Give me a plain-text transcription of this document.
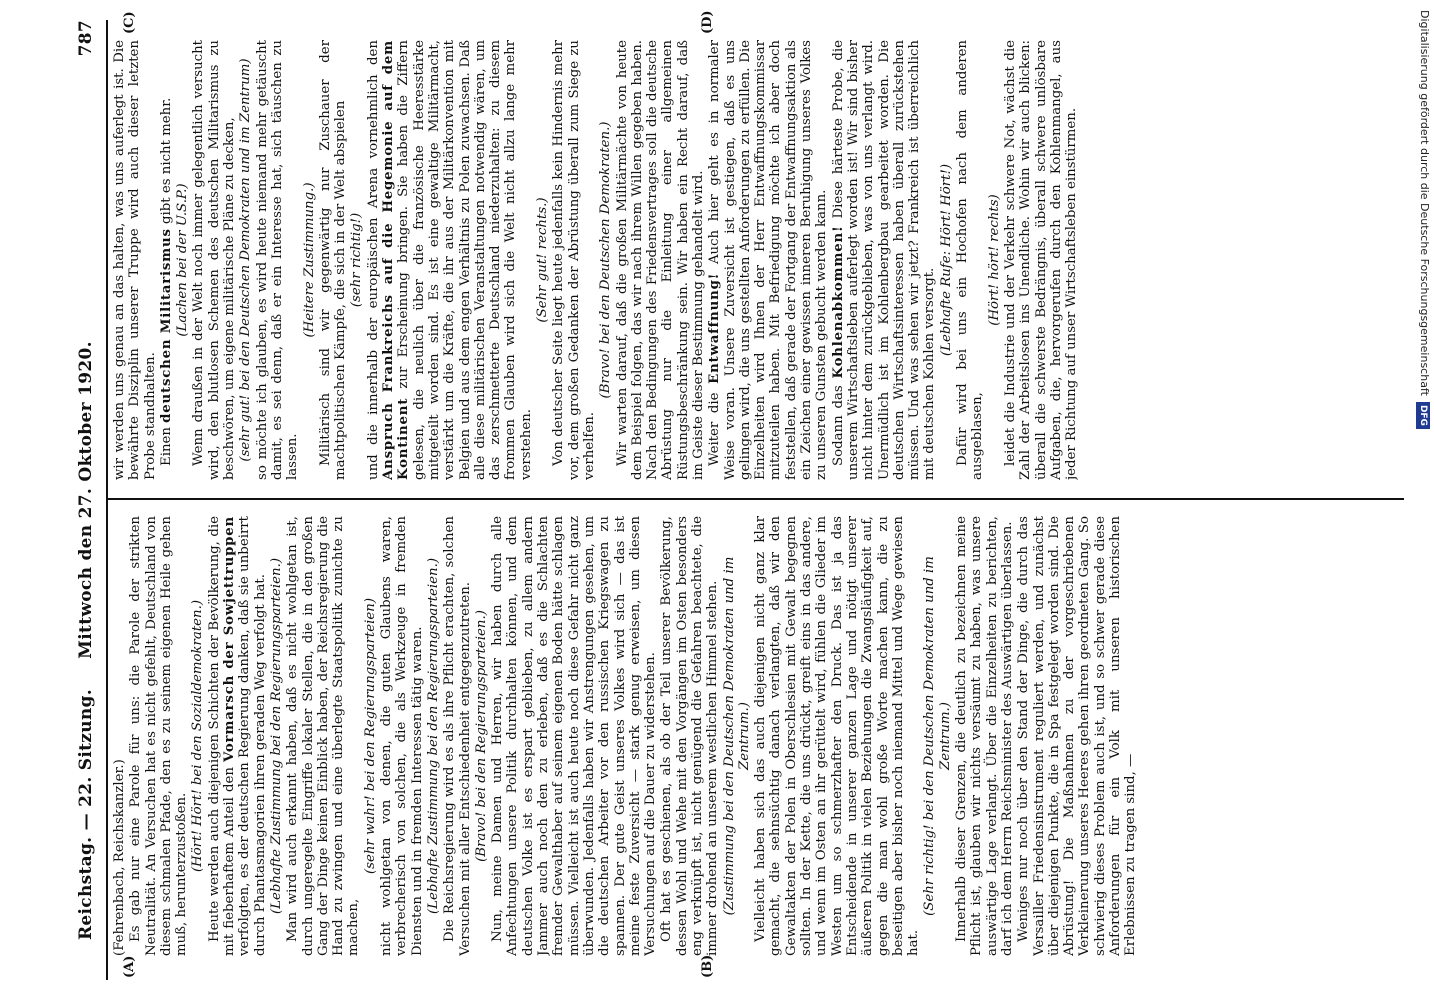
Reichstag. — 22. Sitzung.
Mittwoch den 27. Oktober 1920.
787
(A)	(B)
(C)	(D)

(Fehrenbach, Reichskanzler.) Es gab nur eine Parole für uns: die Parole der strikten Neutralität. An Versuchen hat es nicht gefehlt, Deutschland von diesem schmalen Pfade, den es zu seinem eigenen Heile gehen muß, herunterzustoßen.

(Hört! Hört! bei den Sozialdemokraten.) Heute werden auch diejenigen Schichten der Bevölkerung, die mit fieberhaftem Anteil den Vormarsch der Sowjettruppen verfolgten, es der deutschen Regierung danken, daß sie unbeirrt durch Phantasmagorien ihren geraden Weg verfolgt hat. (Lebhafte Zustimmung bei den Regierungsparteien.) Man wird auch erkannt haben, daß es nicht wohlgetan ist, durch ungeregelte Eingriffe lokaler Stellen, die in den großen Gang der Dinge keinen Einblick haben, der Reichsregierung die Hand zu zwingen und eine überlegte Staatspolitik zunichte zu machen,

(sehr wahr! bei den Regierungsparteien) nicht wohlgetan von denen, die guten Glaubens waren, verbrecherisch von solchen, die als Werkzeuge in fremden Diensten und in fremden Interessen tätig waren. (Lebhafte Zustimmung bei den Regierungsparteien.) Die Reichsregierung wird es als ihre Pflicht erachten, solchen Versuchen mit aller Entschiedenheit entgegenzutreten. (Bravo! bei den Regierungsparteien.) Nun, meine Damen und Herren, wir haben durch alle Anfechtungen unsere Politik durchhalten können, und dem deutschen Volke ist es erspart geblieben, zu allem andern Jammer auch noch den zu erleben, daß es die Schlachten fremder Gewalthaber auf seinem eigenen Boden hätte schlagen müssen. Vielleicht ist auch heute noch diese Gefahr nicht ganz überwunden. Jedenfalls haben wir Anstrengungen gesehen, um die deutschen Arbeiter vor den russischen Kriegswagen zu spannen. Der gute Geist unseres Volkes wird sich — das ist meine feste Zuversicht — stark genug erweisen, um diesen Versuchungen auf die Dauer zu widerstehen. Oft hat es geschienen, als ob der Teil unserer Bevölkerung, dessen Wohl und Wehe mit den Vorgängen im Osten besonders eng verknüpft ist, nicht genügend die Gefahren beachtete, die immer drohend an unserem westlichen Himmel stehen. (Zustimmung bei den Deutschen Demokraten und im Zentrum.) Vielleicht haben sich das auch diejenigen nicht ganz klar gemacht, die sehnsüchtig danach verlangten, daß wir den Gewaltakten der Polen in Oberschlesien mit Gewalt begegnen sollten. In der Kette, die uns drückt, greift eins in das andere, und wenn im Osten an ihr gerüttelt wird, fühlen die Glieder im Westen um so schmerzhafter den Druck. Das ist ja das Entscheidende in unserer ganzen Lage und nötigt unserer äußeren Politik in vielen Beziehungen die Zwangsläufigkeit auf, gegen die man wohl große Worte machen kann, die zu beseitigen aber bisher noch niemand Mittel und Wege gewiesen hat.

(Sehr richtig! bei den Deutschen Demokraten und im Zentrum.) Innerhalb dieser Grenzen, die deutlich zu bezeichnen meine Pflicht ist, glauben wir nichts versäumt zu haben, was unsere auswärtige Lage verlangt. Über die Einzelheiten zu berichten, darf ich dem Herrn Reichsminister des Auswärtigen überlassen. Weniges nur noch über den Stand der Dinge, die durch das Versailler Friedensinstrument reguliert werden, und zunächst über diejenigen Punkte, die in Spa festgelegt worden sind. Die Abrüstung! Die Maßnahmen zu der vorgeschriebenen Verkleinerung unseres Heeres gehen ihren geordneten Gang. So schwierig dieses Problem auch ist, und so schwer gerade diese Anforderungen für ein Volk mit unseren historischen Erlebnissen zu tragen sind, —

wir werden uns genau an das halten, was uns auferlegt ist. Die bewährte Disziplin unserer Truppe wird auch dieser letzten Probe standhalten. Einen deutschen Militarismus gibt es nicht mehr.

(Lachen bei der U.S.P.) Wenn draußen in der Welt noch immer gelegentlich versucht wird, den blutlosen Schemen des deutschen Militarismus zu beschwören, um eigene militärische Pläne zu decken, (sehr gut! bei den Deutschen Demokraten und im Zentrum) so möchte ich glauben, es wird heute niemand mehr getäuscht damit, es sei denn, daß er ein Interesse hat, sich täuschen zu lassen.

(Heitere Zustimmung.) Militärisch sind wir gegenwärtig nur Zuschauer der machtpolitischen Kämpfe, die sich in der Welt abspielen (sehr richtig!) und die innerhalb der europäischen Arena vornehmlich den Anspruch Frankreichs auf die Hegemonie auf dem Kontinent zur Erscheinung bringen. Sie haben die Ziffern gelesen, die neulich über die französische Heeresstärke mitgeteilt worden sind. Es ist eine gewaltige Militärmacht, verstärkt um die Kräfte, die ihr aus der Militärkonvention mit Belgien und aus dem engen Verhältnis zu Polen zuwachsen. Daß alle diese militärischen Veranstaltungen notwendig wären, um das zerschmetterte Deutschland niederzuhalten: zu diesem frommen Glauben wird sich die Welt nicht allzu lange mehr verstehen.

(Sehr gut! rechts.) Von deutscher Seite liegt heute jedenfalls kein Hindernis mehr vor, dem großen Gedanken der Abrüstung überall zum Siege zu verhelfen.

(Bravo! bei den Deutschen Demokraten.) Wir warten darauf, daß die großen Militärmächte von heute dem Beispiel folgen, das wir nach ihrem Willen gegeben haben. Nach den Bedingungen des Friedensvertrages soll die deutsche Abrüstung nur die Einleitung einer allgemeinen Rüstungsbeschränkung sein. Wir haben ein Recht darauf, daß im Geiste dieser Bestimmung gehandelt wird. Weiter die Entwaffnung! Auch hier geht es in normaler Weise voran. Unsere Zuversicht ist gestiegen, daß es uns gelingen wird, die uns gestellten Anforderungen zu erfüllen. Die Einzelheiten wird Ihnen der Herr Entwaffnungskommissar mitzuteilen haben. Mit Befriedigung möchte ich aber doch feststellen, daß gerade der Fortgang der Entwaffnungsaktion als ein Zeichen einer gewissen inneren Beruhigung unseres Volkes zu unseren Gunsten gebucht werden kann. Sodann das Kohlenabkommen! Diese härteste Probe, die unserem Wirtschaftsleben auferlegt worden ist! Wir sind bisher nicht hinter dem zurückgeblieben, was von uns verlangt wird. Unermüdlich ist im Kohlenbergbau gearbeitet worden. Die deutschen Wirtschaftsinteressen haben überall zurückstehen müssen. Und was sehen wir jetzt? Frankreich ist überreichlich mit deutschen Kohlen versorgt.

(Lebhafte Rufe: Hört! Hört!) Dafür wird bei uns ein Hochofen nach dem anderen ausgeblasen,

(Hört! hört! rechts) leidet die Industrie und der Verkehr schwere Not, wächst die Zahl der Arbeitslosen ins Unendliche. Wohin wir auch blicken: überall die schwerste Bedrängnis, überall schwere unlösbare Aufgaben, die, hervorgerufen durch den Kohlenmangel, aus jeder Richtung auf unser Wirtschaftsleben einstürmen.	Digitalisierung gefördert durch die Deutsche ForschungsgemeinschaftDFG
